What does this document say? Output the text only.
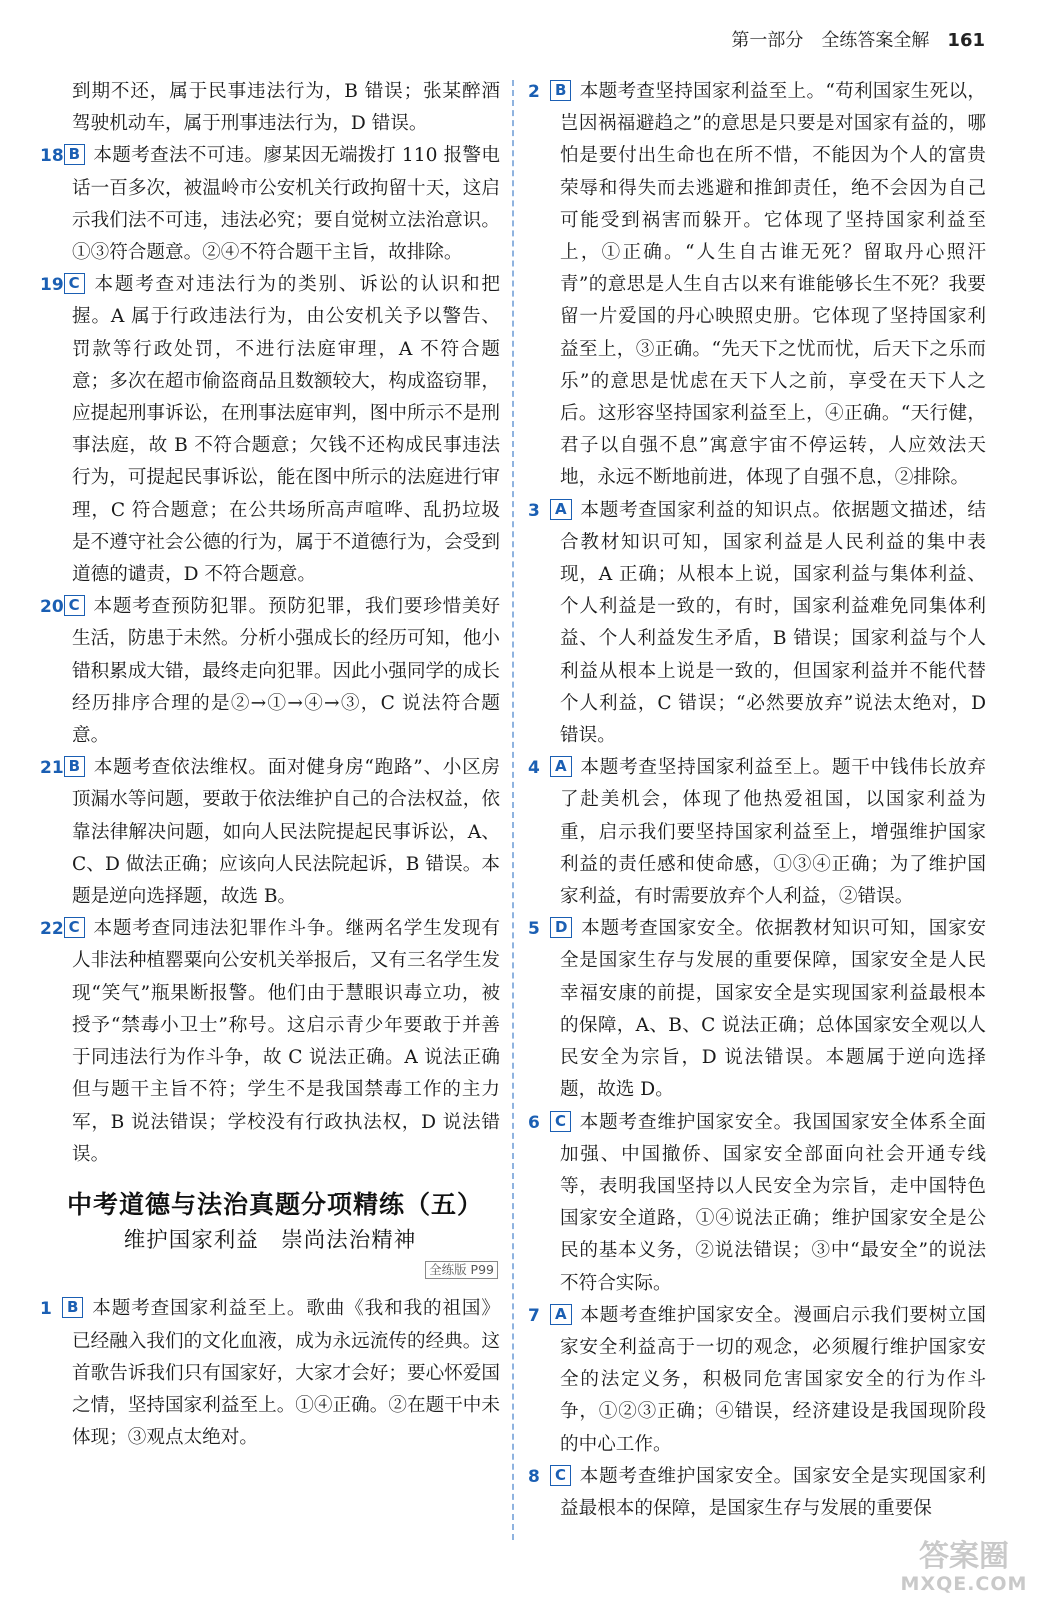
第一部分 全练答案全解 161

到期不还，属于民事违法行为，B 错误；张某醉酒驾驶机动车，属于刑事违法行为，D 错误。

18 B 本题考查法不可违。廖某因无端拨打 110 报警电话一百多次，被温岭市公安机关行政拘留十天，这启示我们法不可违，违法必究；要自觉树立法治意识。①③符合题意。②④不符合题干主旨，故排除。

19 C 本题考查对违法行为的类别、诉讼的认识和把握。A 属于行政违法行为，由公安机关予以警告、罚款等行政处罚，不进行法庭审理，A 不符合题意；多次在超市偷盗商品且数额较大，构成盗窃罪，应提起刑事诉讼，在刑事法庭审判，图中所示不是刑事法庭，故 B 不符合题意；欠钱不还构成民事违法行为，可提起民事诉讼，能在图中所示的法庭进行审理，C 符合题意；在公共场所高声喧哗、乱扔垃圾是不遵守社会公德的行为，属于不道德行为，会受到道德的谴责，D 不符合题意。

20 C 本题考查预防犯罪。预防犯罪，我们要珍惜美好生活，防患于未然。分析小强成长的经历可知，他小错积累成大错，最终走向犯罪。因此小强同学的成长经历排序合理的是②→①→④→③，C 说法符合题意。

21 B 本题考查依法维权。面对健身房“跑路”、小区房顶漏水等问题，要敢于依法维护自己的合法权益，依靠法律解决问题，如向人民法院提起民事诉讼，A、C、D 做法正确；应该向人民法院起诉，B 错误。本题是逆向选择题，故选 B。

22 C 本题考查同违法犯罪作斗争。继两名学生发现有人非法种植罂粟向公安机关举报后，又有三名学生发现“笑气”瓶果断报警。他们由于慧眼识毒立功，被授予“禁毒小卫士”称号。这启示青少年要敢于并善于同违法行为作斗争，故 C 说法正确。A 说法正确但与题干主旨不符；学生不是我国禁毒工作的主力军，B 说法错误；学校没有行政执法权，D 说法错误。

中考道德与法治真题分项精练（五）
维护国家利益　崇尚法治精神
全练版 P99

1 B 本题考查国家利益至上。歌曲《我和我的祖国》已经融入我们的文化血液，成为永远流传的经典。这首歌告诉我们只有国家好，大家才会好；要心怀爱国之情，坚持国家利益至上。①④正确。②在题干中未体现；③观点太绝对。

2 B 本题考查坚持国家利益至上。“苟利国家生死以，岂因祸福避趋之”的意思是只要是对国家有益的，哪怕是要付出生命也在所不惜，不能因为个人的富贵荣辱和得失而去逃避和推卸责任，绝不会因为自己可能受到祸害而躲开。它体现了坚持国家利益至上，①正确。“人生自古谁无死？留取丹心照汗青”的意思是人生自古以来有谁能够长生不死？我要留一片爱国的丹心映照史册。它体现了坚持国家利益至上，③正确。“先天下之忧而忧，后天下之乐而乐”的意思是忧虑在天下人之前，享受在天下人之后。这形容坚持国家利益至上，④正确。“天行健，君子以自强不息”寓意宇宙不停运转，人应效法天地，永远不断地前进，体现了自强不息，②排除。

3 A 本题考查国家利益的知识点。依据题文描述，结合教材知识可知，国家利益是人民利益的集中表现，A 正确；从根本上说，国家利益与集体利益、个人利益是一致的，有时，国家利益难免同集体利益、个人利益发生矛盾，B 错误；国家利益与个人利益从根本上说是一致的，但国家利益并不能代替个人利益，C 错误；“必然要放弃”说法太绝对，D 错误。

4 A 本题考查坚持国家利益至上。题干中钱伟长放弃了赴美机会，体现了他热爱祖国，以国家利益为重，启示我们要坚持国家利益至上，增强维护国家利益的责任感和使命感，①③④正确；为了维护国家利益，有时需要放弃个人利益，②错误。

5 D 本题考查国家安全。依据教材知识可知，国家安全是国家生存与发展的重要保障，国家安全是人民幸福安康的前提，国家安全是实现国家利益最根本的保障，A、B、C 说法正确；总体国家安全观以人民安全为宗旨，D 说法错误。本题属于逆向选择题，故选 D。

6 C 本题考查维护国家安全。我国国家安全体系全面加强、中国撤侨、国家安全部面向社会开通专线等，表明我国坚持以人民安全为宗旨，走中国特色国家安全道路，①④说法正确；维护国家安全是公民的基本义务，②说法错误；③中“最安全”的说法不符合实际。

7 A 本题考查维护国家安全。漫画启示我们要树立国家安全利益高于一切的观念，必须履行维护国家安全的法定义务，积极同危害国家安全的行为作斗争，①②③正确；④错误，经济建设是我国现阶段的中心工作。

8 C 本题考查维护国家安全。国家安全是实现国家利益最根本的保障，是国家生存与发展的重要保

答案圈
MXQE.COM
